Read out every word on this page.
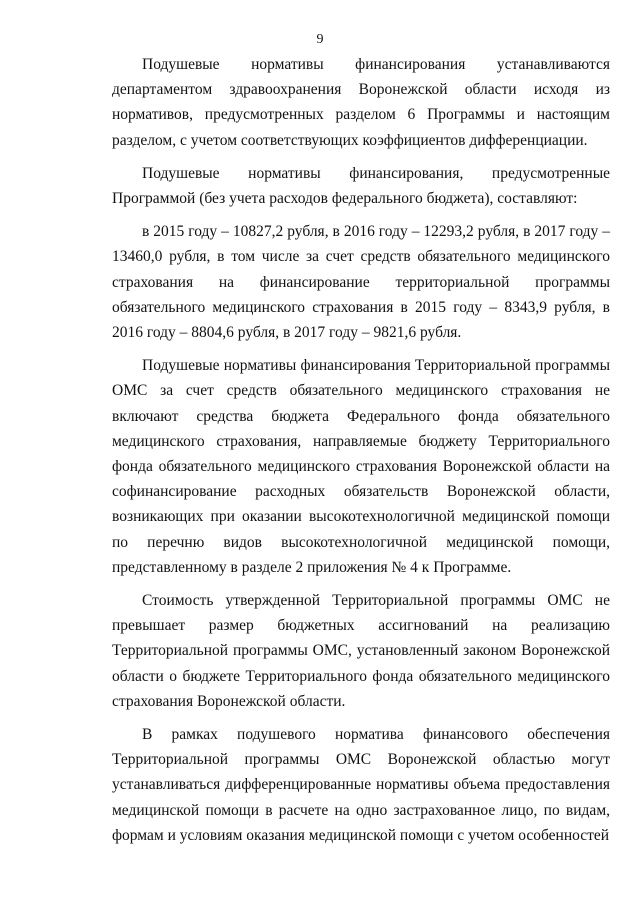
9

Подушевые нормативы финансирования устанавливаются департаментом здравоохранения Воронежской области исходя из нормативов, предусмотренных разделом 6 Программы и настоящим разделом, с учетом соответствующих коэффициентов дифференциации.

Подушевые нормативы финансирования, предусмотренные Программой (без учета расходов федерального бюджета), составляют:

в 2015 году – 10827,2 рубля, в 2016 году – 12293,2 рубля, в 2017 году – 13460,0 рубля, в том числе за счет средств обязательного медицинского страхования на финансирование территориальной программы обязательного медицинского страхования в 2015 году – 8343,9 рубля, в 2016 году – 8804,6 рубля, в 2017 году – 9821,6 рубля.

Подушевые нормативы финансирования Территориальной программы ОМС за счет средств обязательного медицинского страхования не включают средства бюджета Федерального фонда обязательного медицинского страхования, направляемые бюджету Территориального фонда обязательного медицинского страхования Воронежской области на софинансирование расходных обязательств Воронежской области, возникающих при оказании высокотехнологичной медицинской помощи по перечню видов высокотехнологичной медицинской помощи, представленному в разделе 2 приложения № 4 к Программе.

Стоимость утвержденной Территориальной программы ОМС не превышает размер бюджетных ассигнований на реализацию Территориальной программы ОМС, установленный законом Воронежской области о бюджете Территориального фонда обязательного медицинского страхования Воронежской области.

В рамках подушевого норматива финансового обеспечения Территориальной программы ОМС Воронежской областью могут устанавливаться дифференцированные нормативы объема предоставления медицинской помощи в расчете на одно застрахованное лицо, по видам, формам и условиям оказания медицинской помощи с учетом особенностей
